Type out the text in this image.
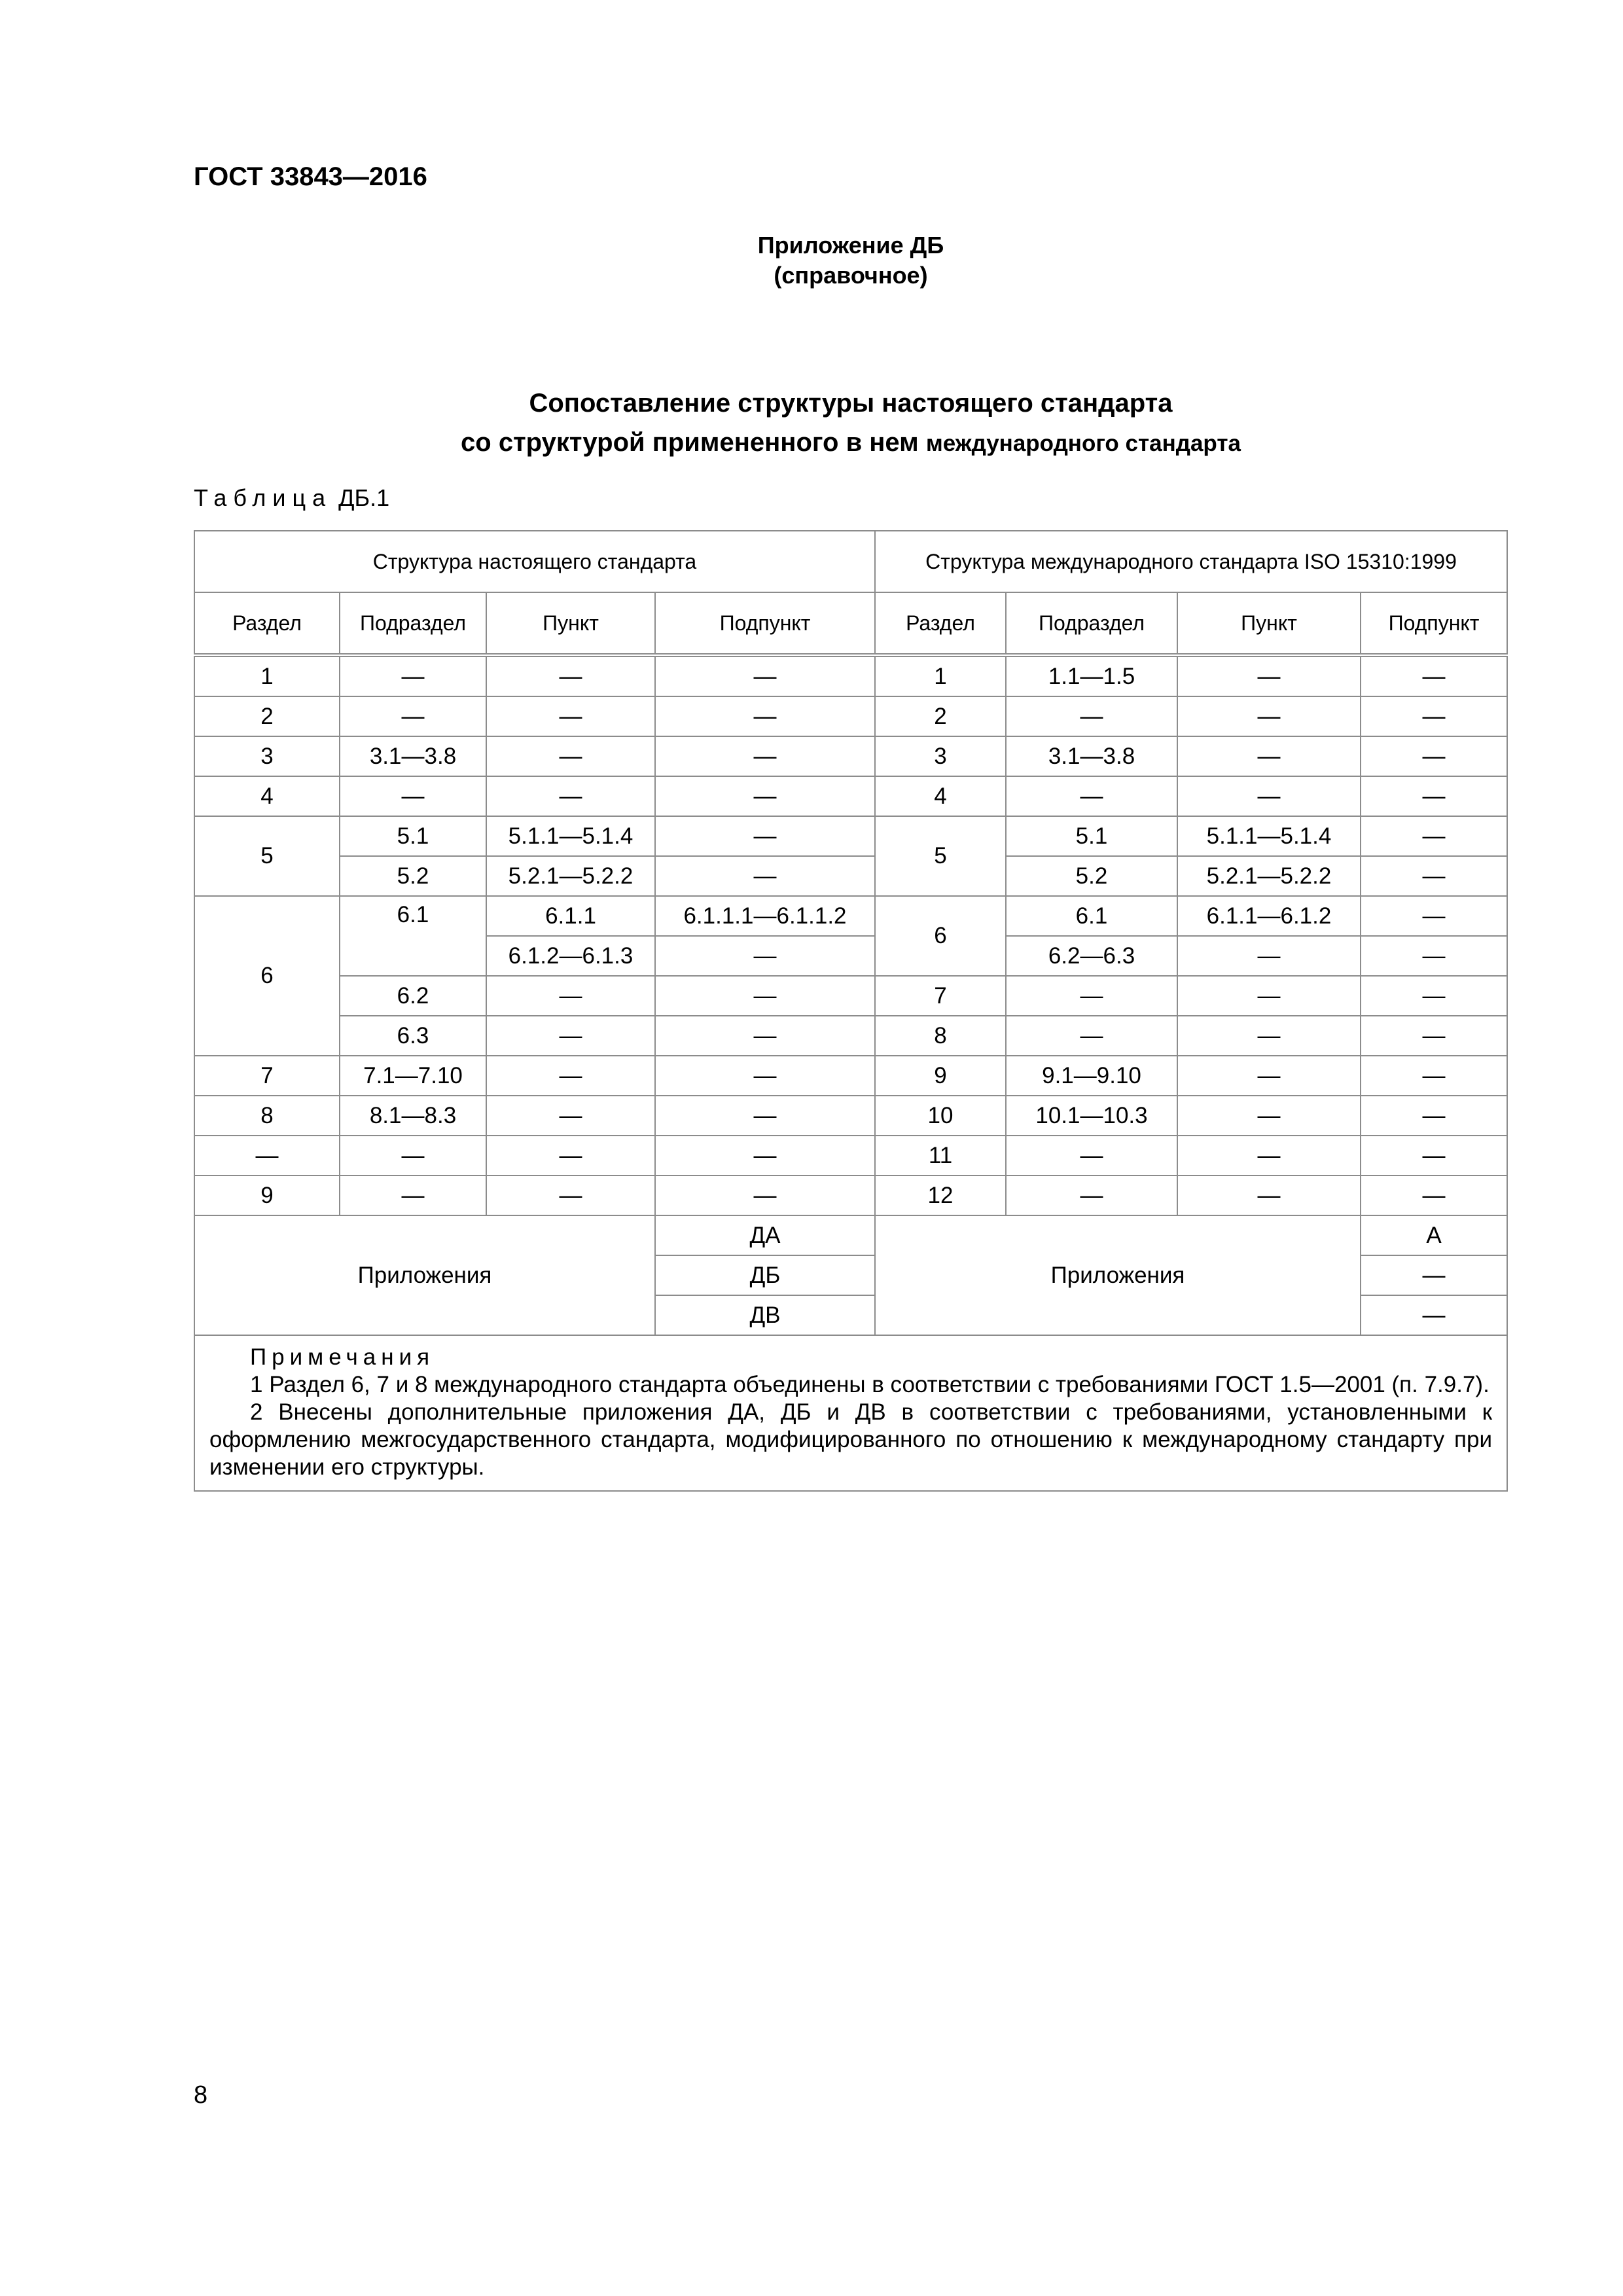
ГОСТ 33843—2016
Приложение ДБ
(справочное)
Сопоставление структуры настоящего стандарта
со структурой примененного в нем международного стандарта
Таблица ДБ.1
Структура настоящего стандарта				Структура международного стандарта ISO 15310:1999			
Раздел	Подраздел	Пункт	Подпункт	Раздел	Подраздел	Пункт	Подпункт
1	—	—	—	1	1.1—1.5	—	—
2	—	—	—	2	—	—	—
3	3.1—3.8	—	—	3	3.1—3.8	—	—
4	—	—	—	4	—	—	—
5	5.1	5.1.1—5.1.4	—	5	5.1	5.1.1—5.1.4	—
	5.2	5.2.1—5.2.2	—		5.2	5.2.1—5.2.2	—
6	6.1	6.1.1	6.1.1.1—6.1.1.2	6	6.1	6.1.1—6.1.2	—
		6.1.2—6.1.3	—		6.2—6.3	—	—
	6.2	—	—	7	—	—	—
	6.3	—	—	8	—	—	—
7	7.1—7.10	—	—	9	9.1—9.10	—	—
8	8.1—8.3	—	—	10	10.1—10.3	—	—
—	—	—	—	11	—	—	—
9	—	—	—	12	—	—	—
Приложения			ДА	Приложения			А
			ДБ				—
			ДВ				—

Примечания
1 Раздел 6, 7 и 8 международного стандарта объединены в соответствии с требованиями ГОСТ 1.5—2001 (п. 7.9.7).
2 Внесены дополнительные приложения ДА, ДБ и ДВ в соответствии с требованиями, установленными к оформлению межгосударственного стандарта, модифицированного по отношению к международному стандарту при изменении его структуры.							
8
